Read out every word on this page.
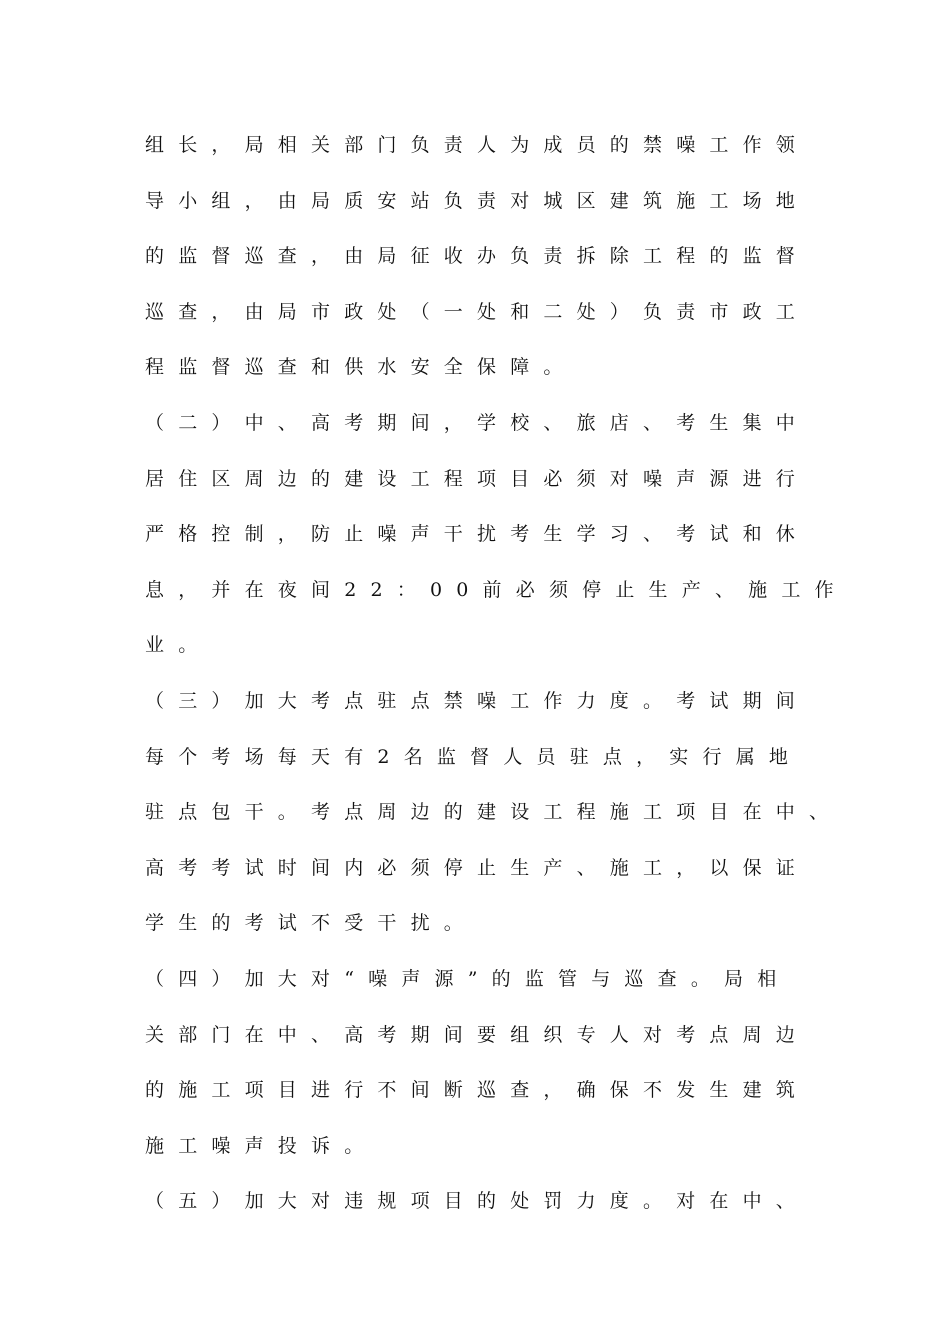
组长，局相关部门负责人为成员的禁噪工作领
导小组，由局质安站负责对城区建筑施工场地
的监督巡查，由局征收办负责拆除工程的监督
巡查，由局市政处（一处和二处）负责市政工
程监督巡查和供水安全保障。
（二）中、高考期间，学校、旅店、考生集中
居住区周边的建设工程项目必须对噪声源进行
严格控制，防止噪声干扰考生学习、考试和休
息，并在夜间22：00前必须停止生产、施工作
业。
（三）加大考点驻点禁噪工作力度。考试期间
每个考场每天有2名监督人员驻点，实行属地
驻点包干。考点周边的建设工程施工项目在中、
高考考试时间内必须停止生产、施工，以保证
学生的考试不受干扰。
（四）加大对“噪声源”的监管与巡查。局相
关部门在中、高考期间要组织专人对考点周边
的施工项目进行不间断巡查，确保不发生建筑
施工噪声投诉。
（五）加大对违规项目的处罚力度。对在中、
